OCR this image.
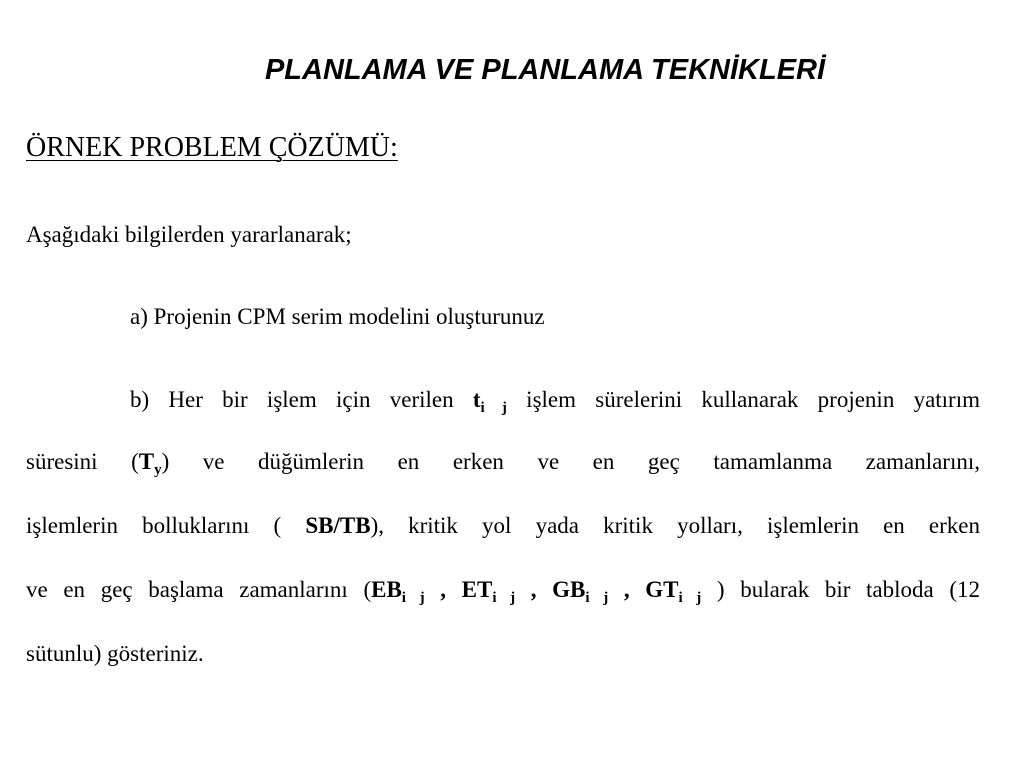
PLANLAMA VE PLANLAMA TEKNİKLERİ
ÖRNEK PROBLEM ÇÖZÜMÜ:
Aşağıdaki bilgilerden yararlanarak;
a) Projenin CPM serim modelini oluşturunuz
b) Her bir işlem için verilen $t_{i j}$ işlem sürelerini kullanarak projenin yatırım
süresini $(T_y)$ ve düğümlerin en erken ve en geç tamamlanma zamanlarını,
işlemlerin bolluklarını ( SB/TB), kritik yol yada kritik yolları, işlemlerin en erken
ve en geç başlama zamanlarını ($EB_{i j}$ , $ET_{i j}$ , $GB_{i j}$ , $GT_{i j}$ ) bularak bir tabloda (12
sütunlu) gösteriniz.
